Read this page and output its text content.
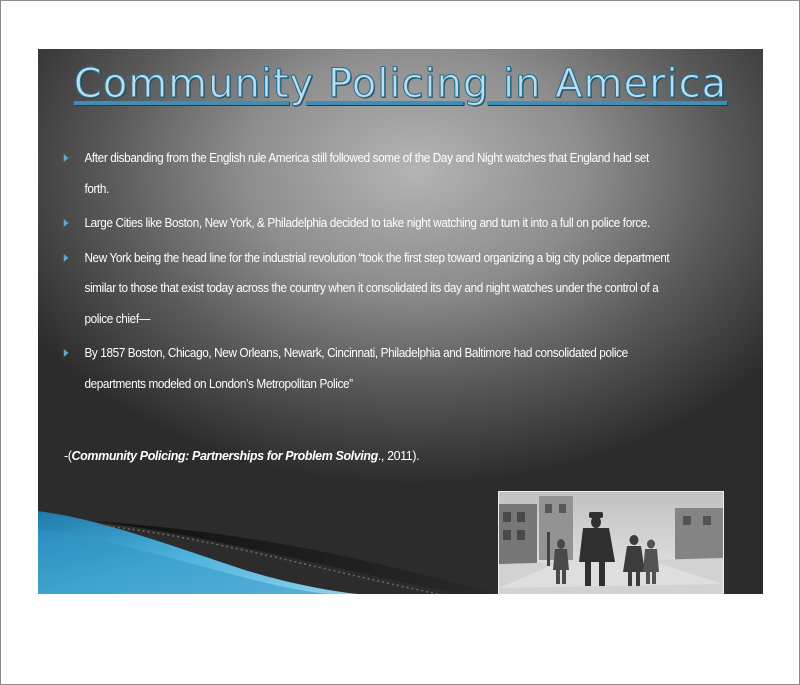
Community Policing in America
After disbanding from the English rule America still followed some of the Day and Night watches that England had set forth.
Large Cities like Boston, New York, & Philadelphia decided to take night watching and turn it into a full on police force.
New York being the head line for the industrial revolution “took the first step toward organizing a big city police department similar to those that exist today across the country when it consolidated its day and night watches under the control of a police chief—
By 1857 Boston, Chicago, New Orleans, Newark, Cincinnati, Philadelphia and Baltimore had consolidated police departments modeled on London’s Metropolitan Police”

-(Community Policing: Partnerships for Problem Solving., 2011).
